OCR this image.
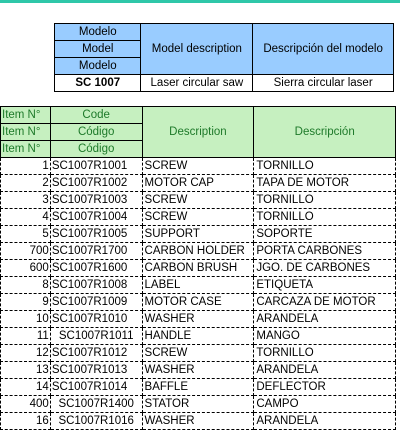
Modelo	Model description	Descripción del modelo
Model		
Modelo		
SC 1007	Laser circular saw	Sierra circular laser
Item N°	Code	Description	Descripción
Item N°	Código		
Item N°	Código		
1	SC1007R1001	SCREW	TORNILLO
2	SC1007R1002	MOTOR CAP	TAPA DE MOTOR
3	SC1007R1003	SCREW	TORNILLO
4	SC1007R1004	SCREW	TORNILLO
5	SC1007R1005	SUPPORT	SOPORTE
700	SC1007R1700	CARBON HOLDER	PORTA CARBONES
600	SC1007R1600	CARBON BRUSH	JGO. DE CARBONES
8	SC1007R1008	LABEL	ETIQUETA
9	SC1007R1009	MOTOR CASE	CARCAZA DE MOTOR
10	SC1007R1010	WASHER	ARANDELA
11	SC1007R1011	HANDLE	MANGO
12	SC1007R1012	SCREW	TORNILLO
13	SC1007R1013	WASHER	ARANDELA
14	SC1007R1014	BAFFLE	DEFLECTOR
400	SC1007R1400	STATOR	CAMPO
16	SC1007R1016	WASHER	ARANDELA
